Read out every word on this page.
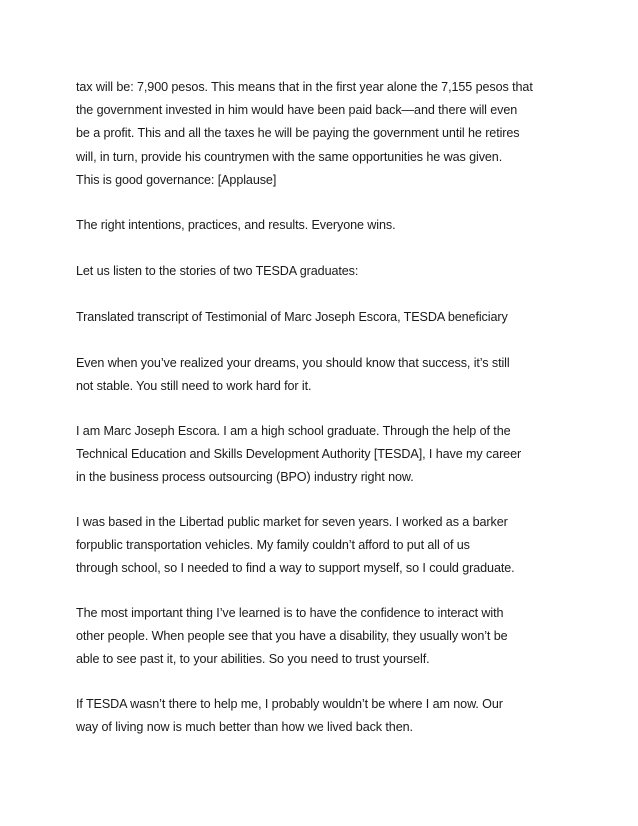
tax will be: 7,900 pesos. This means that in the first year alone the 7,155 pesos that
the government invested in him would have been paid back—and there will even
be a profit. This and all the taxes he will be paying the government until he retires
will, in turn, provide his countrymen with the same opportunities he was given.
This is good governance: [Applause]
The right intentions, practices, and results. Everyone wins.
Let us listen to the stories of two TESDA graduates:
Translated transcript of Testimonial of Marc Joseph Escora, TESDA beneficiary
Even when you’ve realized your dreams, you should know that success, it’s still
not stable. You still need to work hard for it.
I am Marc Joseph Escora. I am a high school graduate. Through the help of the
Technical Education and Skills Development Authority [TESDA], I have my career
in the business process outsourcing (BPO) industry right now.
I was based in the Libertad public market for seven years. I worked as a barker
forpublic transportation vehicles. My family couldn’t afford to put all of us
through school, so I needed to find a way to support myself, so I could graduate.
The most important thing I’ve learned is to have the confidence to interact with
other people. When people see that you have a disability, they usually won’t be
able to see past it, to your abilities. So you need to trust yourself.
If TESDA wasn’t there to help me, I probably wouldn’t be where I am now. Our
way of living now is much better than how we lived back then.
